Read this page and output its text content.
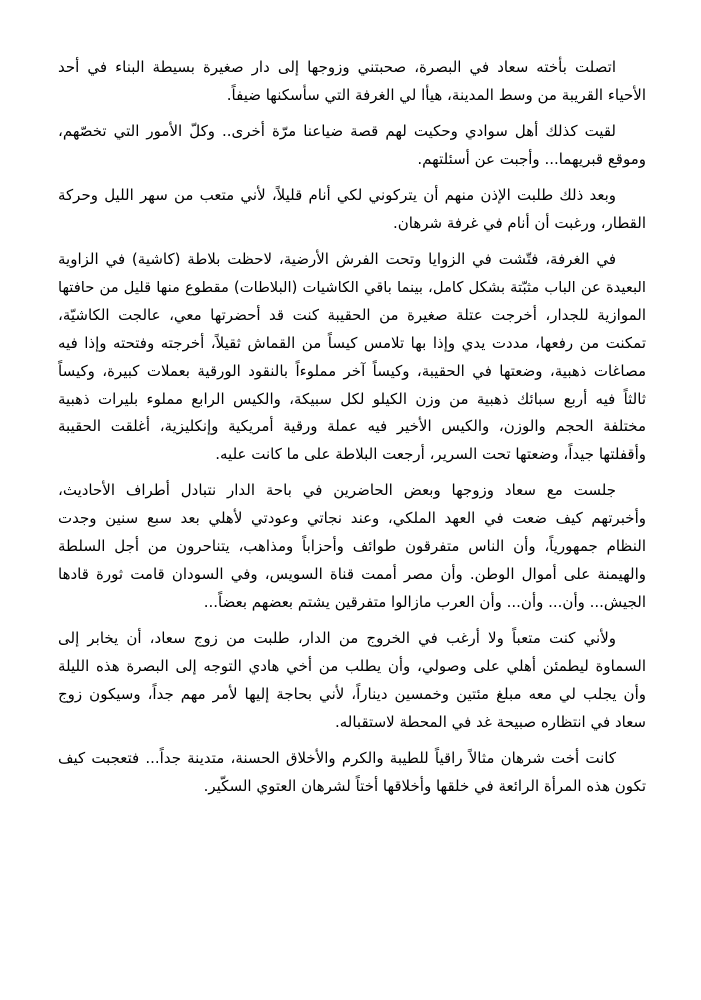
اتصلت بأخته سعاد في البصرة، صحبتني وزوجها إلى دار صغيرة بسيطة البناء في أحد
الأحياء القريبة من وسط المدينة، هيأا لي الغرفة التي سأسكنها ضيفاً.

لقيت كذلك أهل سوادي وحكيت لهم قصة ضياعنا مرّة أخرى.. وكلّ الأمور التي تخصّهم،
وموقع قبريهما... وأجبت عن أسئلتهم.

وبعد ذلك طلبت الإذن منهم أن يتركوني لكي أنام قليلاً، لأني متعب من سهر الليل وحركة
القطار، ورغبت أن أنام في غرفة شرهان.

في الغرفة، فتّشت في الزوايا وتحت الفرش الأرضية، لاحظت بلاطة (كاشية) في الزاوية
البعيدة عن الباب مثبّتة بشكل كامل، بينما باقي الكاشيات (البلاطات) مقطوع منها قليل من حافتها
الموازية للجدار، أخرجت عتلة صغيرة من الحقيبة كنت قد أحضرتها معي، عالجت الكاشيّة،
تمكنت من رفعها، مددت يدي وإذا بها تلامس كيساً من القماش ثقيلاً، أخرجته وفتحته وإذا فيه
مصاغات ذهبية، وضعتها في الحقيبة، وكيساً آخر مملوءاً بالنقود الورقية بعملات كبيرة، وكيساً
ثالثاً فيه أربع سبائك ذهبية من وزن الكيلو لكل سبيكة، والكيس الرابع مملوء بليرات ذهبية
مختلفة الحجم والوزن، والكيس الأخير فيه عملة ورقية أمريكية وإنكليزية، أغلقت الحقيبة
وأقفلتها جيداً، وضعتها تحت السرير، أرجعت البلاطة على ما كانت عليه.

جلست مع سعاد وزوجها وبعض الحاضرين في باحة الدار نتبادل أطراف الأحاديث،
وأخبرتهم كيف ضعت في العهد الملكي، وعند نجاتي وعودتي لأهلي بعد سبع سنين وجدت
النظام جمهورياً، وأن الناس متفرقون طوائف وأحزاباً ومذاهب، يتناحرون من أجل السلطة
والهيمنة على أموال الوطن. وأن مصر أممت قناة السويس، وفي السودان قامت ثورة قادها
الجيش... وأن... وأن... وأن العرب مازالوا متفرقين يشتم بعضهم بعضاً...

ولأني كنت متعباً ولا أرغب في الخروج من الدار، طلبت من زوج سعاد، أن يخابر إلى
السماوة ليطمئن أهلي على وصولي، وأن يطلب من أخي هادي التوجه إلى البصرة هذه الليلة
وأن يجلب لي معه مبلغ مئتين وخمسين ديناراً، لأني بحاجة إليها لأمر مهم جداً، وسيكون زوج
سعاد في انتظاره صبيحة غد في المحطة لاستقباله.

كانت أخت شرهان مثالاً راقياً للطيبة والكرم والأخلاق الحسنة، متدينة جداً... فتعجبت كيف
تكون هذه المرأة الرائعة في خلقها وأخلاقها أختاً لشرهان العتوي السكّير.
